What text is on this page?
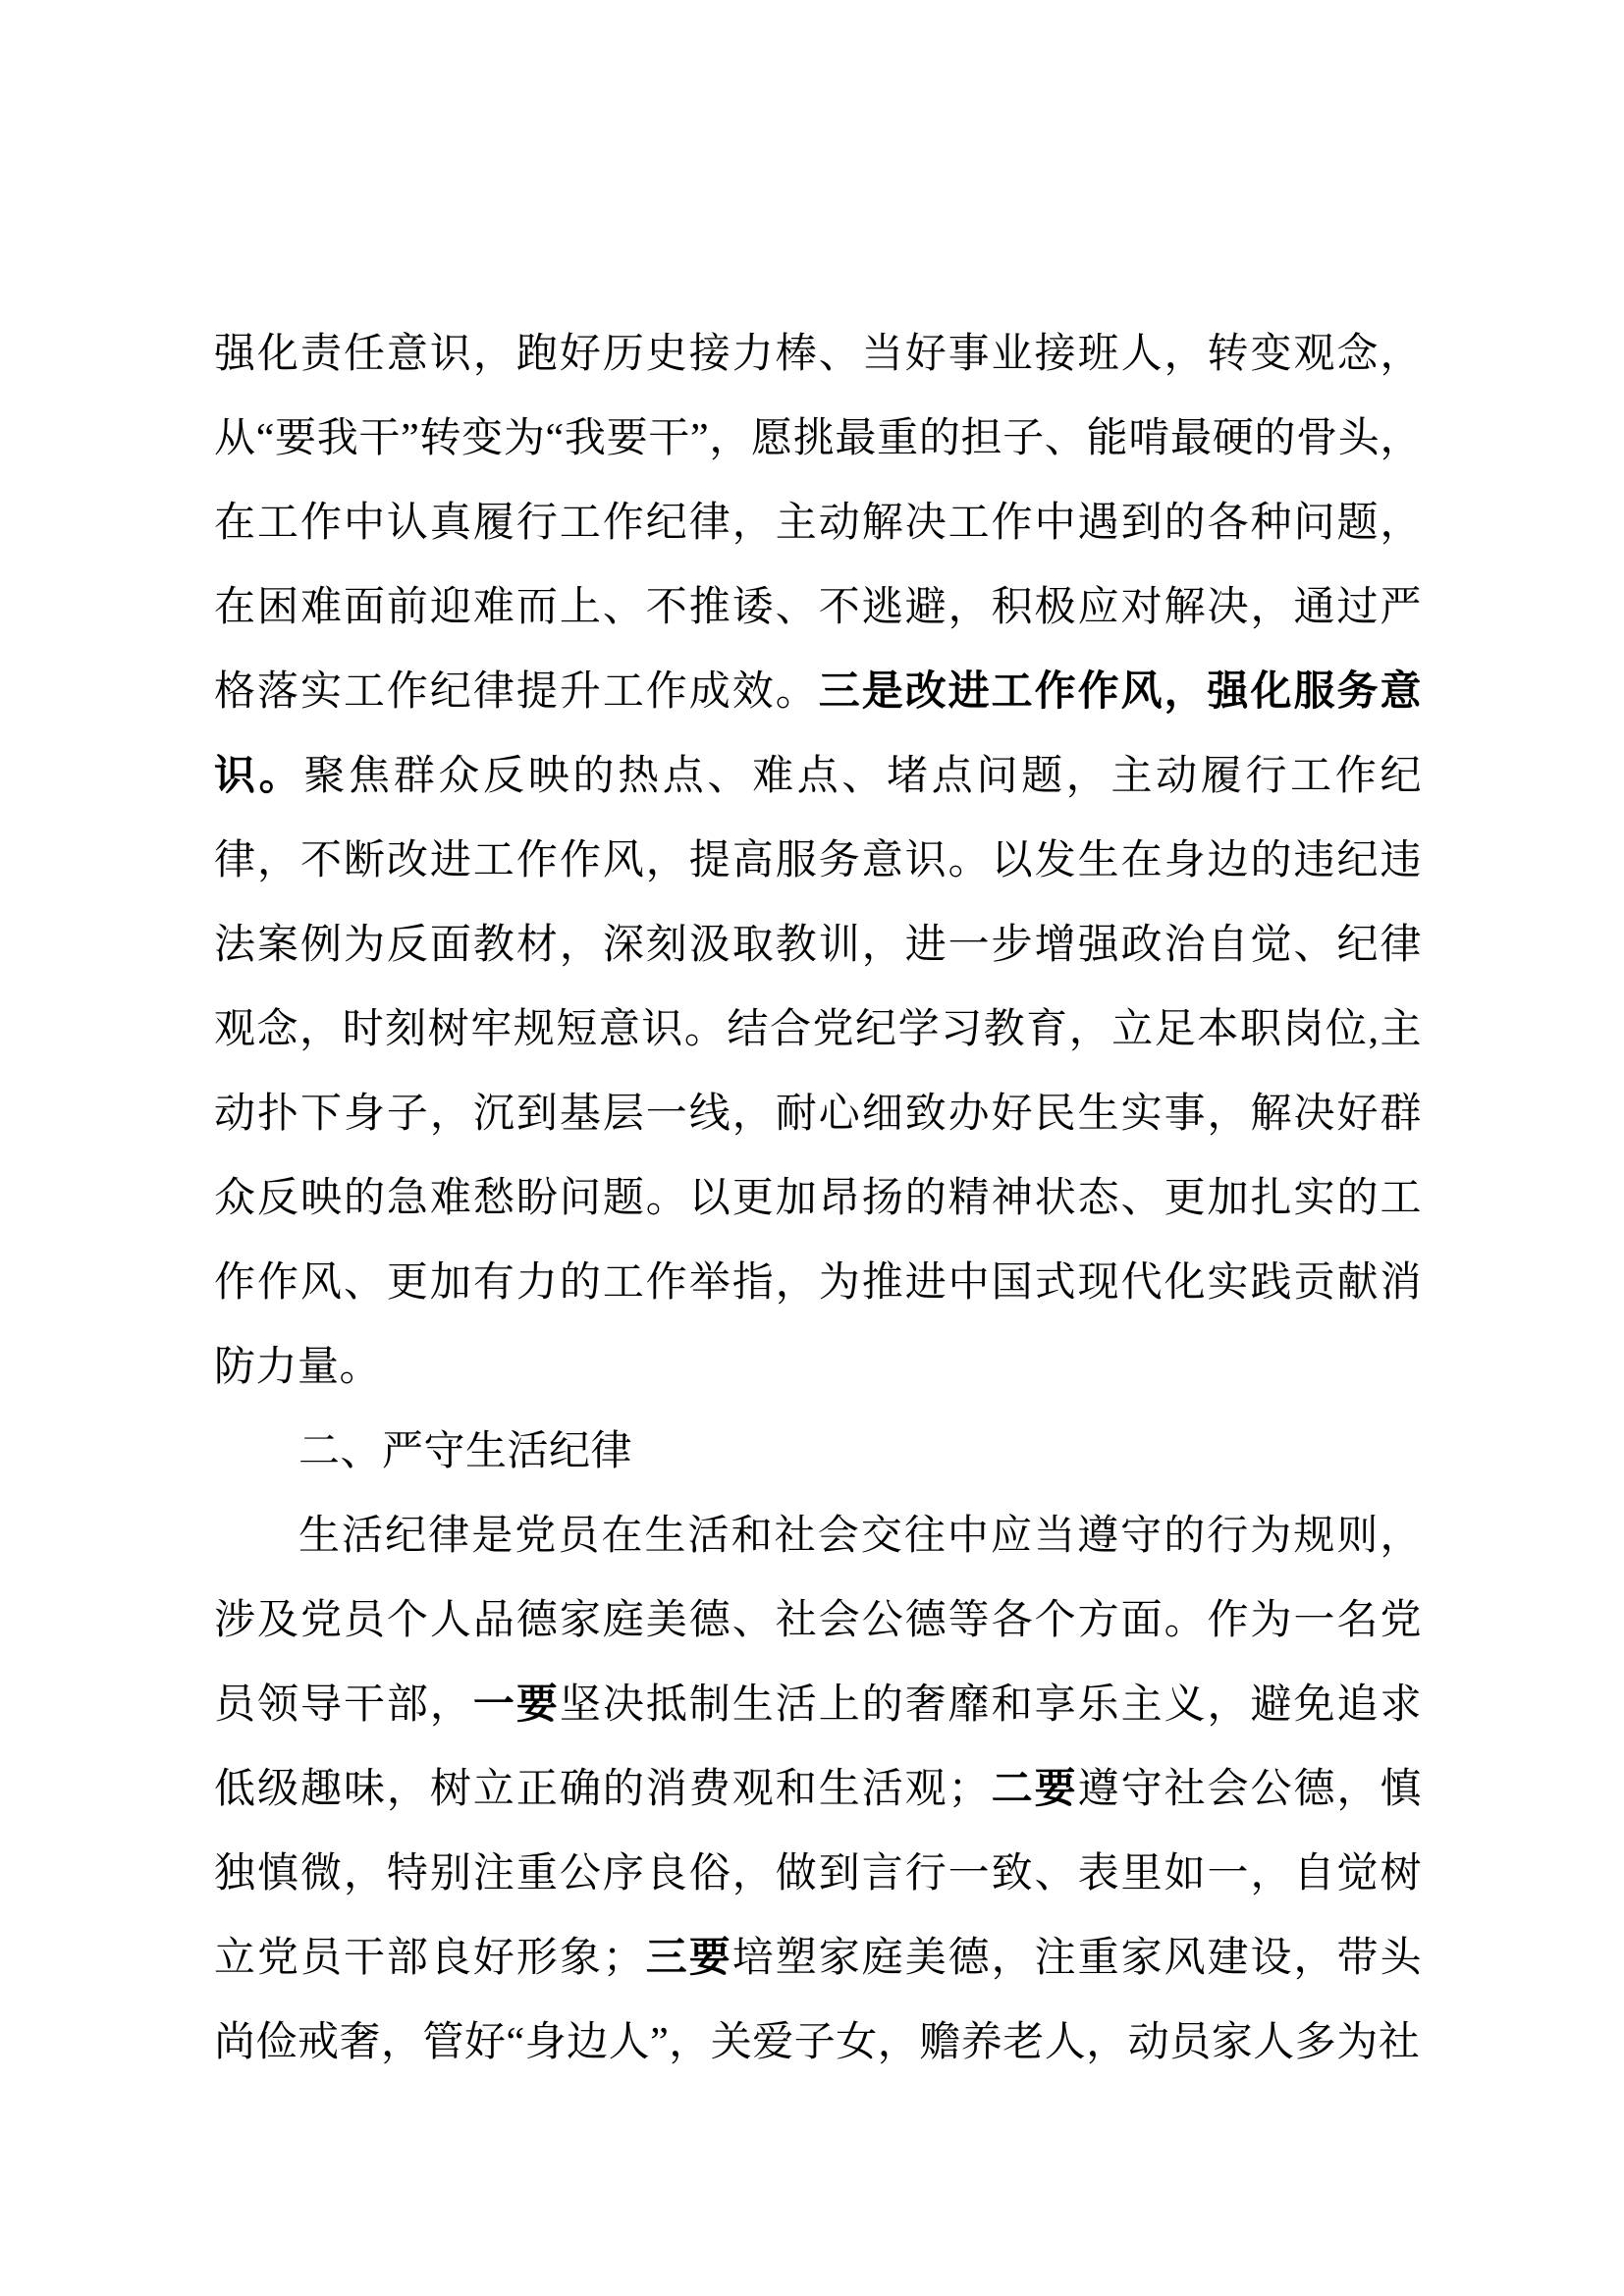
强化责任意识，跑好历史接力棒、当好事业接班人，转变观念，从“要我干”转变为“我要干”，愿挑最重的担子、能啃最硬的骨头，在工作中认真履行工作纪律，主动解决工作中遇到的各种问题，在困难面前迎难而上、不推诿、不逃避，积极应对解决，通过严格落实工作纪律提升工作成效。三是改进工作作风，强化服务意识。聚焦群众反映的热点、难点、堵点问题，主动履行工作纪律，不断改进工作作风，提高服务意识。以发生在身边的违纪违法案例为反面教材，深刻汲取教训，进一步增强政治自觉、纪律观念，时刻树牢规短意识。结合党纪学习教育，立足本职岗位,主动扑下身子，沉到基层一线，耐心细致办好民生实事，解决好群众反映的急难愁盼问题。以更加昂扬的精神状态、更加扎实的工作作风、更加有力的工作举指，为推进中国式现代化实践贡献消防力量。

二、严守生活纪律

生活纪律是党员在生活和社会交往中应当遵守的行为规则，涉及党员个人品德家庭美德、社会公德等各个方面。作为一名党员领导干部，一要坚决抵制生活上的奢靡和享乐主义，避免追求低级趣味，树立正确的消费观和生活观；二要遵守社会公德，慎独慎微，特别注重公序良俗，做到言行一致、表里如一，自觉树立党员干部良好形象；三要培塑家庭美德，注重家风建设，带头尚俭戒奢，管好“身边人”，关爱子女，赡养老人，动员家人多为社
